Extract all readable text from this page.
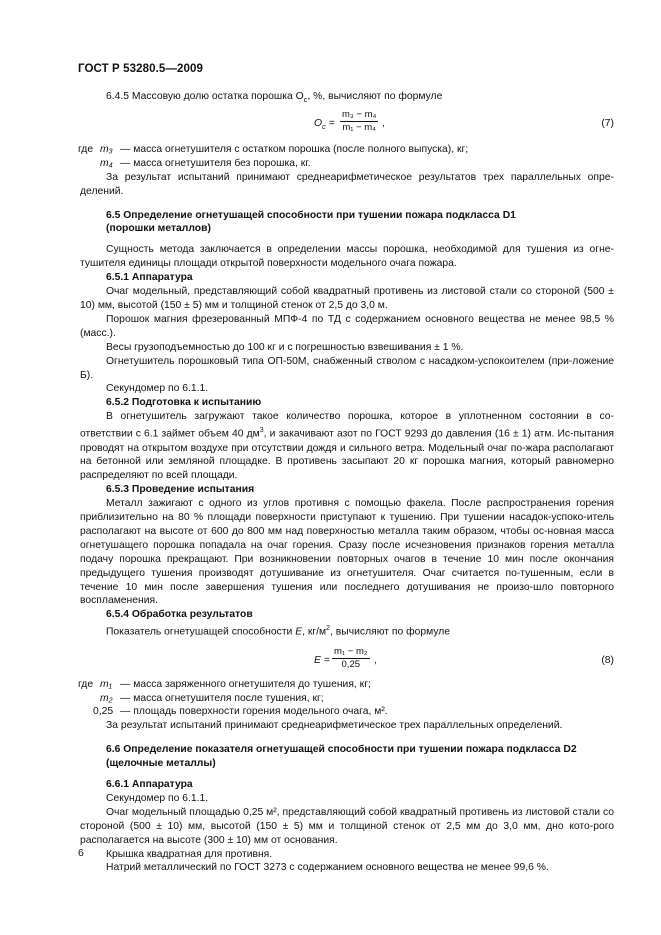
ГОСТ Р 53280.5—2009

6.4.5 Массовую долю остатка порошка $O_c$, %, вычисляют по формуле

$O_c = \frac{\text{m₃ − m₄}}{\text{m₁ − m₄}}$ ,	(7)
где m₃ — масса огнетушителя с остатком порошка (после полного выпуска), кг;
m₄ — масса огнетушителя без порошка, кг.

За результат испытаний принимают среднеарифметическое результатов трех параллельных опре-делений.

6.5 Определение огнетушащей способности при тушении пожара подкласса D1

(порошки металлов)

Сущность метода заключается в определении массы порошка, необходимой для тушения из огне-тушителя единицы площади открытой поверхности модельного очага пожара.

6.5.1 Аппаратура

Очаг модельный, представляющий собой квадратный противень из листовой стали со стороной (500 ± 10) мм, высотой (150 ± 5) мм и толщиной стенок от 2,5 до 3,0 м.

Порошок магния фрезерованный МПФ-4 по ТД с содержанием основного вещества не менее 98,5 % (масс.).

Весы грузоподъемностью до 100 кг и с погрешностью взвешивания ± 1 %.

Огнетушитель порошковый типа ОП-50М, снабженный стволом с насадком-успокоителем (при-ложение Б).

Секундомер по 6.1.1.

6.5.2 Подготовка к испытанию

В огнетушитель загружают такое количество порошка, которое в уплотненном состоянии в со-ответствии с 6.1 займет объем 40 $дм^3$, и закачивают азот по ГОСТ 9293 до давления (16 ± 1) атм. Ис-пытания проводят на открытом воздухе при отсутствии дождя и сильного ветра. Модельный очаг по-жара располагают на бетонной или земляной площадке. В противень засыпают 20 кг порошка магния, который равномерно распределяют по всей площади.

6.5.3 Проведение испытания

Металл зажигают с одного из углов противня с помощью факела. После распространения горения приблизительно на 80 % площади поверхности приступают к тушению. При тушении насадок-успоко-итель располагают на высоте от 600 до 800 мм над поверхностью металла таким образом, чтобы ос-новная масса огнетушащего порошка попадала на очаг горения. Сразу после исчезновения признаков горения металла подачу порошка прекращают. При возникновении повторных очагов в течение 10 мин после окончания предыдущего тушения производят дотушивание из огнетушителя. Очаг считается по-тушенным, если в течение 10 мин после завершения тушения или последнего дотушивания не произо-шло повторного воспламенения.

6.5.4 Обработка результатов

Показатель огнетушащей способности E, $кг/м^2$, вычисляют по формуле

$E = \frac{\text{m₁ − m₂}}{0,25}$ ,	(8)
где m₁ — масса заряженного огнетушителя до тушения, кг;
m₂ — масса огнетушителя после тушения, кг;
0,25 — площадь поверхности горения модельного очага, м².

За результат испытаний принимают среднеарифметическое трех параллельных определений.

6.6 Определение показателя огнетушащей способности при тушении пожара подкласса D2

(щелочные металлы)

6.6.1 Аппаратура

Секундомер по 6.1.1.

Очаг модельный площадью 0,25 м², представляющий собой квадратный противень из листовой стали со стороной (500 ± 10) мм, высотой (150 ± 5) мм и толщиной стенок от 2,5 мм до 3,0 мм, дно кото-рого располагается на высоте (300 ± 10) мм от основания.

Крышка квадратная для противня.

Натрий металлический по ГОСТ 3273 с содержанием основного вещества не менее 99,6 %.

6
